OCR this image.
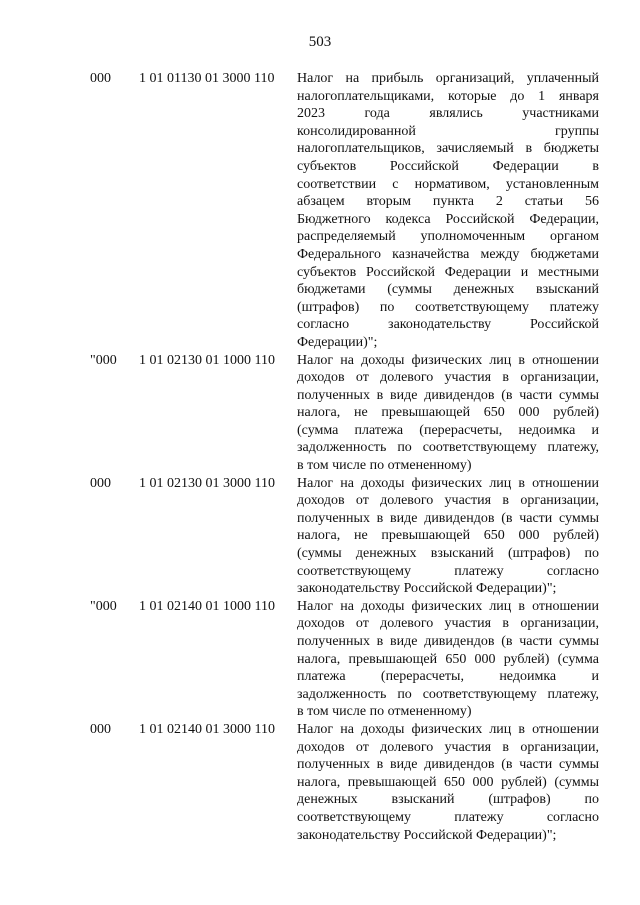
503
000 1 01 01130 01 3000 110 Налог на прибыль организаций, уплаченный
налогоплательщиками, которые до 1 января
2023 года являлись участниками
консолидированной группы
налогоплательщиков, зачисляемый в бюджеты
субъектов Российской Федерации в
соответствии с нормативом, установленным
абзацем вторым пункта 2 статьи 56
Бюджетного кодекса Российской Федерации,
распределяемый уполномоченным органом
Федерального казначейства между бюджетами
субъектов Российской Федерации и местными
бюджетами (суммы денежных взысканий
(штрафов) по соответствующему платежу
согласно законодательству Российской
Федерации)";
"000 1 01 02130 01 1000 110 Налог на доходы физических лиц в отношении
доходов от долевого участия в организации,
полученных в виде дивидендов (в части суммы
налога, не превышающей 650 000 рублей)
(сумма платежа (перерасчеты, недоимка и
задолженность по соответствующему платежу,
в том числе по отмененному)
000 1 01 02130 01 3000 110 Налог на доходы физических лиц в отношении
доходов от долевого участия в организации,
полученных в виде дивидендов (в части суммы
налога, не превышающей 650 000 рублей)
(суммы денежных взысканий (штрафов) по
соответствующему платежу согласно
законодательству Российской Федерации)";
"000 1 01 02140 01 1000 110 Налог на доходы физических лиц в отношении
доходов от долевого участия в организации,
полученных в виде дивидендов (в части суммы
налога, превышающей 650 000 рублей) (сумма
платежа (перерасчеты, недоимка и
задолженность по соответствующему платежу,
в том числе по отмененному)
000 1 01 02140 01 3000 110 Налог на доходы физических лиц в отношении
доходов от долевого участия в организации,
полученных в виде дивидендов (в части суммы
налога, превышающей 650 000 рублей) (суммы
денежных взысканий (штрафов) по
соответствующему платежу согласно
законодательству Российской Федерации)";
